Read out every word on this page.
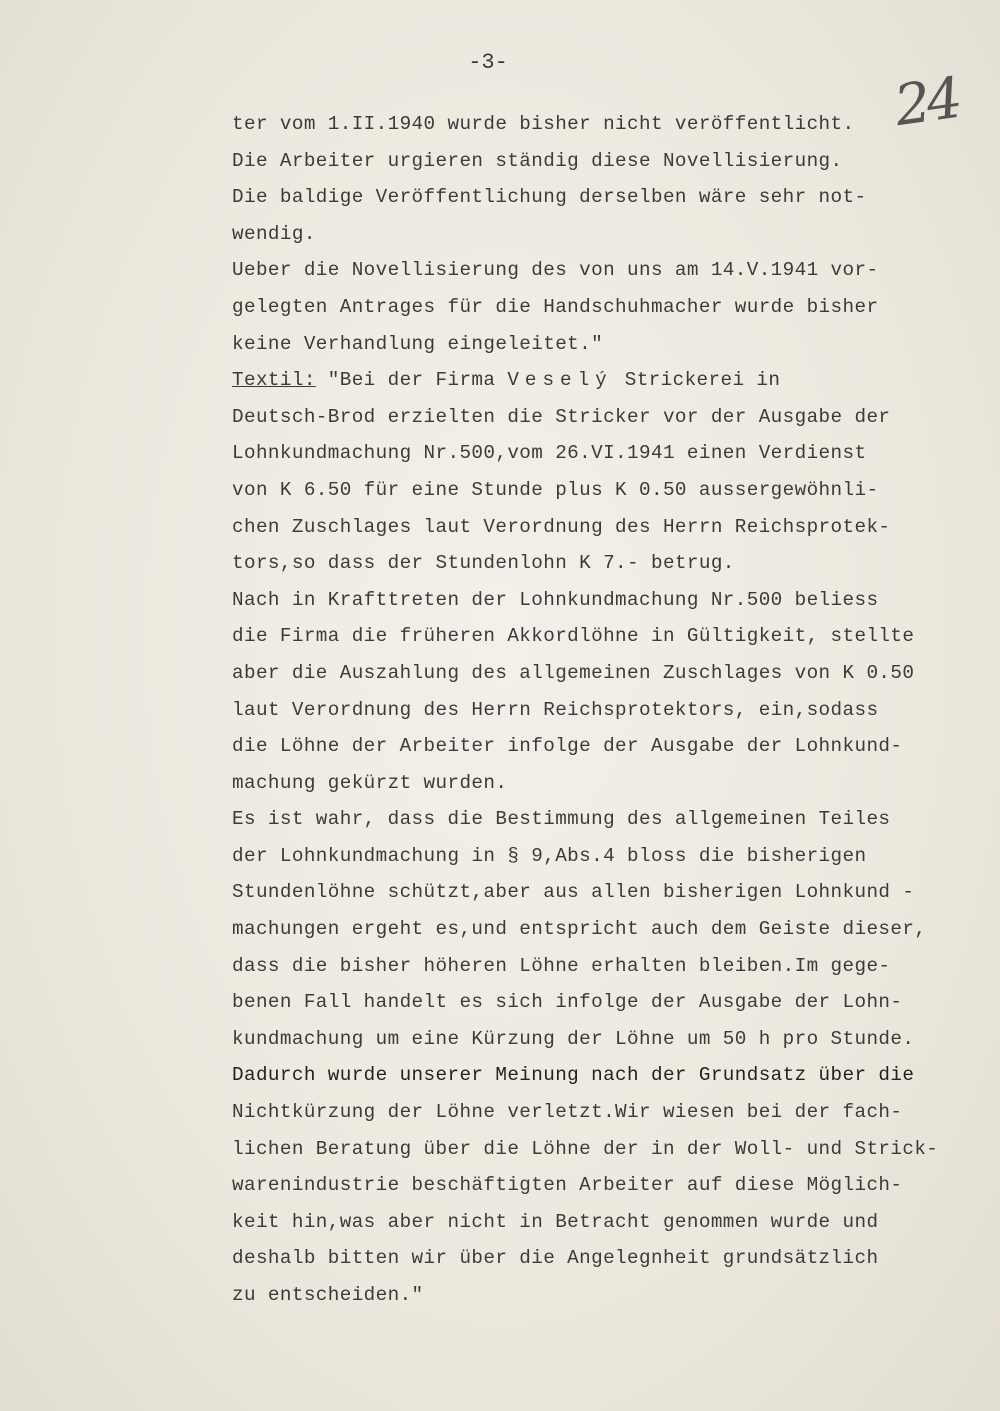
-3-
24
ter vom 1.II.1940 wurde bisher nicht veröffentlicht.
Die Arbeiter urgieren ständig diese Novellisierung.
Die baldige Veröffentlichung derselben wäre sehr not-
wendig.
Ueber die Novellisierung des von uns am 14.V.1941 vor-
gelegten Antrages für die Handschuhmacher wurde bisher
keine Verhandlung eingeleitet."
Textil: "Bei der Firma Veselý Strickerei in
Deutsch-Brod erzielten die Stricker vor der Ausgabe der
Lohnkundmachung Nr.500,vom 26.VI.1941 einen Verdienst
von K 6.50 für eine Stunde plus K 0.50 aussergewöhnli-
chen Zuschlages laut Verordnung des Herrn Reichsprotek-
tors,so dass der Stundenlohn K 7.- betrug.
Nach in Krafttreten der Lohnkundmachung Nr.500 beliess
die Firma die früheren Akkordlöhne in Gültigkeit, stellte
aber die Auszahlung des allgemeinen Zuschlages von K 0.50
laut Verordnung des Herrn Reichsprotektors, ein,sodass
die Löhne der Arbeiter infolge der Ausgabe der Lohnkund-
machung gekürzt wurden.
Es ist wahr, dass die Bestimmung des allgemeinen Teiles
der Lohnkundmachung in § 9,Abs.4 bloss die bisherigen
Stundenlöhne schützt,aber aus allen bisherigen Lohnkund -
machungen ergeht es,und entspricht auch dem Geiste dieser,
dass die bisher höheren Löhne erhalten bleiben.Im gege-
benen Fall handelt es sich infolge der Ausgabe der Lohn-
kundmachung um eine Kürzung der Löhne um 50 h pro Stunde.
Dadurch wurde unserer Meinung nach der Grundsatz über die
Nichtkürzung der Löhne verletzt.Wir wiesen bei der fach-
lichen Beratung über die Löhne der in der Woll- und Strick-
warenindustrie beschäftigten Arbeiter auf diese Möglich-
keit hin,was aber nicht in Betracht genommen wurde und
deshalb bitten wir über die Angelegnheit grundsätzlich
zu entscheiden."
